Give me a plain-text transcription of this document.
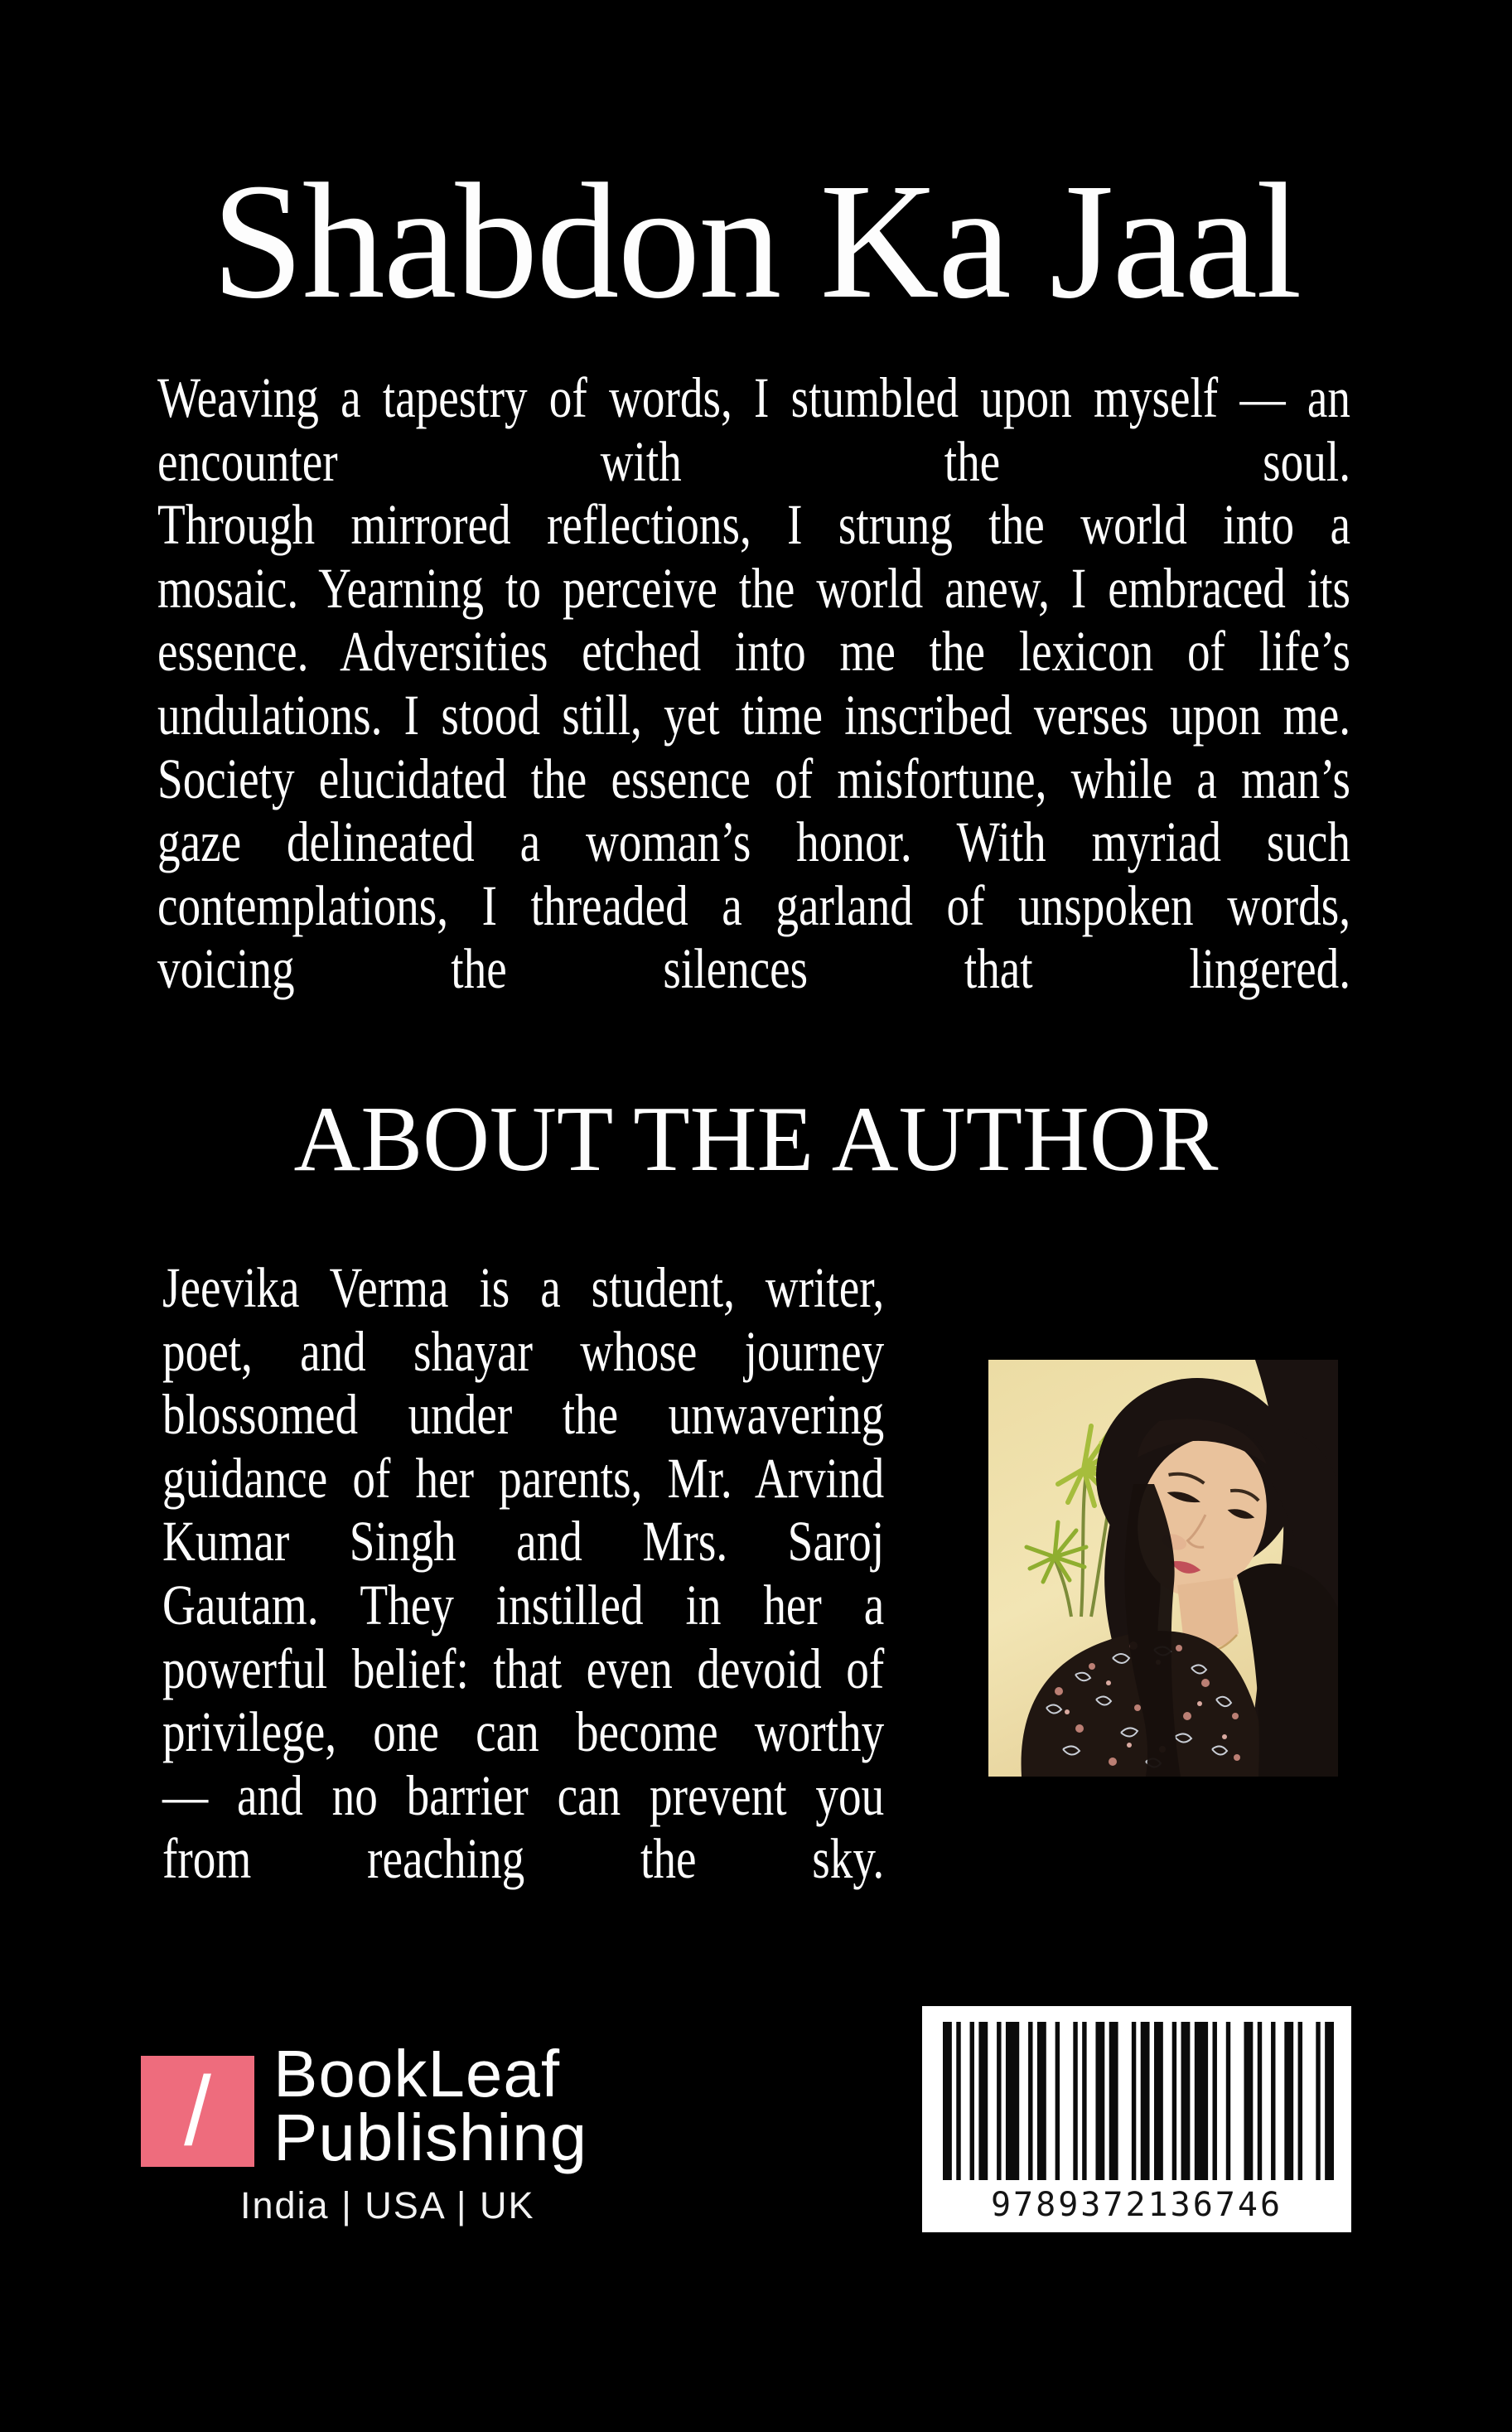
Shabdon Ka Jaal
Weaving a tapestry of words, I stumbled upon myself — an
encounter with the soul.
Through mirrored reflections, I strung the world into a
mosaic. Yearning to perceive the world anew, I embraced its
essence. Adversities etched into me the lexicon of life’s
undulations. I stood still, yet time inscribed verses upon me.
Society elucidated the essence of misfortune, while a man’s
gaze delineated a woman’s honor. With myriad such
contemplations, I threaded a garland of unspoken words,
voicing the silences that lingered.
ABOUT THE AUTHOR
Jeevika Verma is a student, writer,
poet, and shayar whose journey
blossomed under the unwavering
guidance of her parents, Mr. Arvind
Kumar Singh and Mrs. Saroj
Gautam. They instilled in her a
powerful belief: that even devoid of
privilege, one can become worthy
— and no barrier can prevent you
from reaching the sky.
/ BookLeaf
Publishing
India | USA | UK	9789372136746
